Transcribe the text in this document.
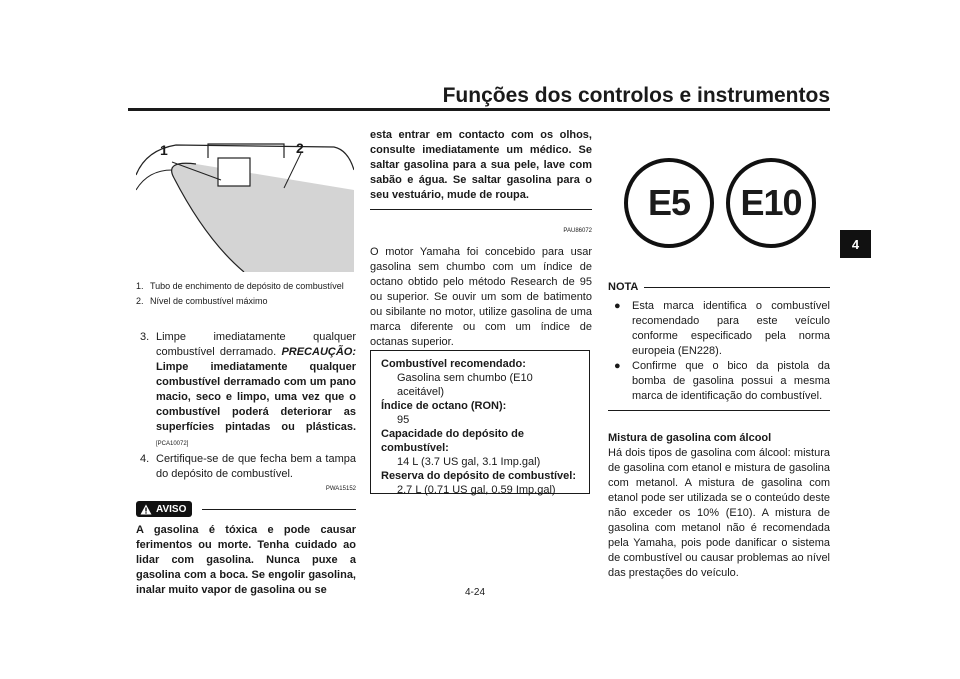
Funções dos controlos e instrumentos
4
1	2
1. Tubo de enchimento de depósito de combustível
2. Nível de combustível máximo
3. Limpe imediatamente qualquer combustível derramado. PRECAUÇÃO: Limpe imediatamente qualquer combustível derramado com um pano macio, seco e limpo, uma vez que o combustível poderá deteriorar as superfícies pintadas ou plásticas.[PCA10072]
4. Certifique-se de que fecha bem a tampa do depósito de combustível.
PWA15152
AVISO
A gasolina é tóxica e pode causar ferimentos ou morte. Tenha cuidado ao lidar com gasolina. Nunca puxe a gasolina com a boca. Se engolir gasolina, inalar muito vapor de gasolina ou se
esta entrar em contacto com os olhos, consulte imediatamente um médico. Se saltar gasolina para a sua pele, lave com sabão e água. Se saltar gasolina para o seu vestuário, mude de roupa.
PAU86072
O motor Yamaha foi concebido para usar gasolina sem chumbo com um índice de octano obtido pelo método Research de 95 ou superior. Se ouvir um som de batimento ou sibilante no motor, utilize gasolina de uma marca diferente ou com um índice de octanas superior.
Combustível recomendado:
Gasolina sem chumbo (E10 aceitável)
Índice de octano (RON):
95
Capacidade do depósito de combustível:
14 L (3.7 US gal, 3.1 Imp.gal)
Reserva do depósito de combustível:
2.7 L (0.71 US gal, 0.59 Imp.gal)
E5 E10
NOTA
●	Esta marca identifica o combustível recomendado para este veículo conforme especificado pela norma europeia (EN228).
●	Confirme que o bico da pistola da bomba de gasolina possui a mesma marca de identificação do combustível.
Mistura de gasolina com álcool
Há dois tipos de gasolina com álcool: mistura de gasolina com etanol e mistura de gasolina com metanol. A mistura de gasolina com etanol pode ser utilizada se o conteúdo deste não exceder os 10% (E10). A mistura de gasolina com metanol não é recomendada pela Yamaha, pois pode danificar o sistema de combustível ou causar problemas ao nível das prestações do veículo.
4-24
